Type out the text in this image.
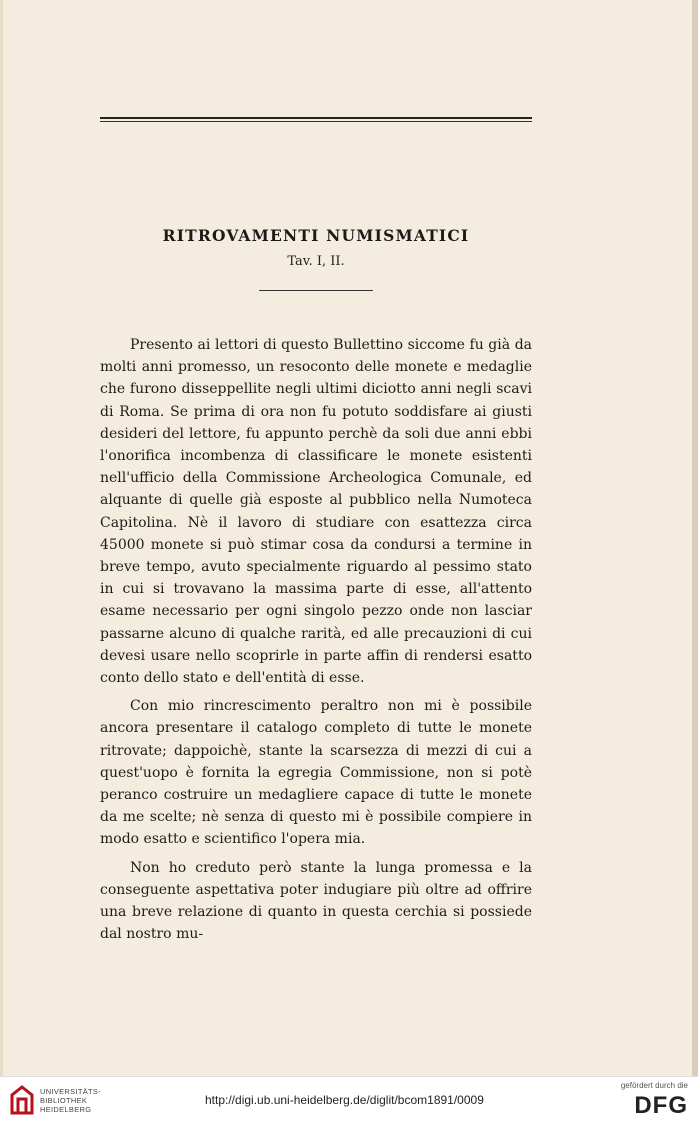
RITROVAMENTI NUMISMATICI
Tav. I, II.

Presento ai lettori di questo Bullettino siccome fu già da molti anni promesso, un resoconto delle monete e medaglie che furono disseppellite negli ultimi diciotto anni negli scavi di Roma. Se prima di ora non fu potuto soddisfare ai giusti desideri del lettore, fu appunto perchè da soli due anni ebbi l'onorifica incombenza di classificare le monete esistenti nell'ufficio della Commissione Archeologica Comunale, ed alquante di quelle già esposte al pubblico nella Numoteca Capitolina. Nè il lavoro di studiare con esattezza circa 45000 monete si può stimar cosa da condursi a termine in breve tempo, avuto specialmente riguardo al pessimo stato in cui si trovavano la massima parte di esse, all'attento esame necessario per ogni singolo pezzo onde non lasciar passarne alcuno di qualche rarità, ed alle precauzioni di cui devesi usare nello scoprirle in parte affin di rendersi esatto conto dello stato e dell'entità di esse.

Con mio rincrescimento peraltro non mi è possibile ancora presentare il catalogo completo di tutte le monete ritrovate; dappoichè, stante la scarsezza di mezzi di cui a quest'uopo è fornita la egregia Commissione, non si potè peranco costruire un medagliere capace di tutte le monete da me scelte; nè senza di questo mi è possibile compiere in modo esatto e scientifico l'opera mia.

Non ho creduto però stante la lunga promessa e la conseguente aspettativa poter indugiare più oltre ad offrire una breve relazione di quanto in questa cerchia si possiede dal nostro mu-

UNIVERSITÄTS-
BIBLIOTHEK
HEIDELBERG
http://digi.ub.uni-heidelberg.de/diglit/bcom1891/0009
gefördert durch die
DFG
